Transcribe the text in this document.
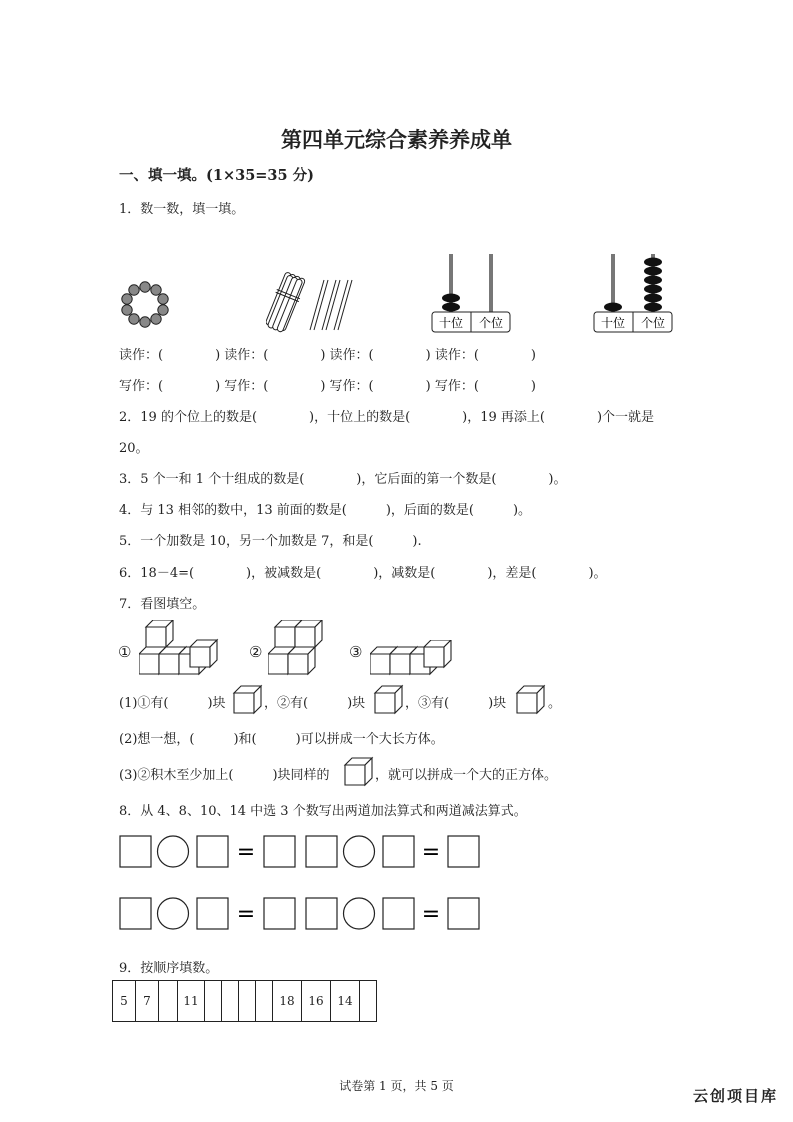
第四单元综合素养养成单
一、填一填。(1×35=35 分)
1．数一数，填一填。
十位 个位	十位 个位
读作：(　　　　) 读作：(　　　　) 读作：(　　　　) 读作：(　　　　)
写作：(　　　　) 写作：(　　　　) 写作：(　　　　) 写作：(　　　　)
2．19 的个位上的数是(　　　　)，十位上的数是(　　　　)，19 再添上(　　　　)个一就是
20。
3．5 个一和 1 个十组成的数是(　　　　)，它后面的第一个数是(　　　　)。
4．与 13 相邻的数中，13 前面的数是(　　　)，后面的数是(　　　)。
5．一个加数是 10，另一个加数是 7，和是(　　　).
6．18－4=(　　　　)，被减数是(　　　　)，减数是(　　　　)，差是(　　　　)。
7．看图填空。
①	②	③
(1)①有(　　　)块	，②有(　　　)块	，③有(　　　)块	。
(2)想一想，(　　　)和(　　　)可以拼成一个大长方体。
(3)②积木至少加上(　　　)块同样的	，就可以拼成一个大的正方体。
8．从 4、8、10、14 中选 3 个数写出两道加法算式和两道减法算式。
=	=
=	=
9．按顺序填数。
5	7		11					18	16	14	
试卷第 1 页，共 5 页
云创项目库
